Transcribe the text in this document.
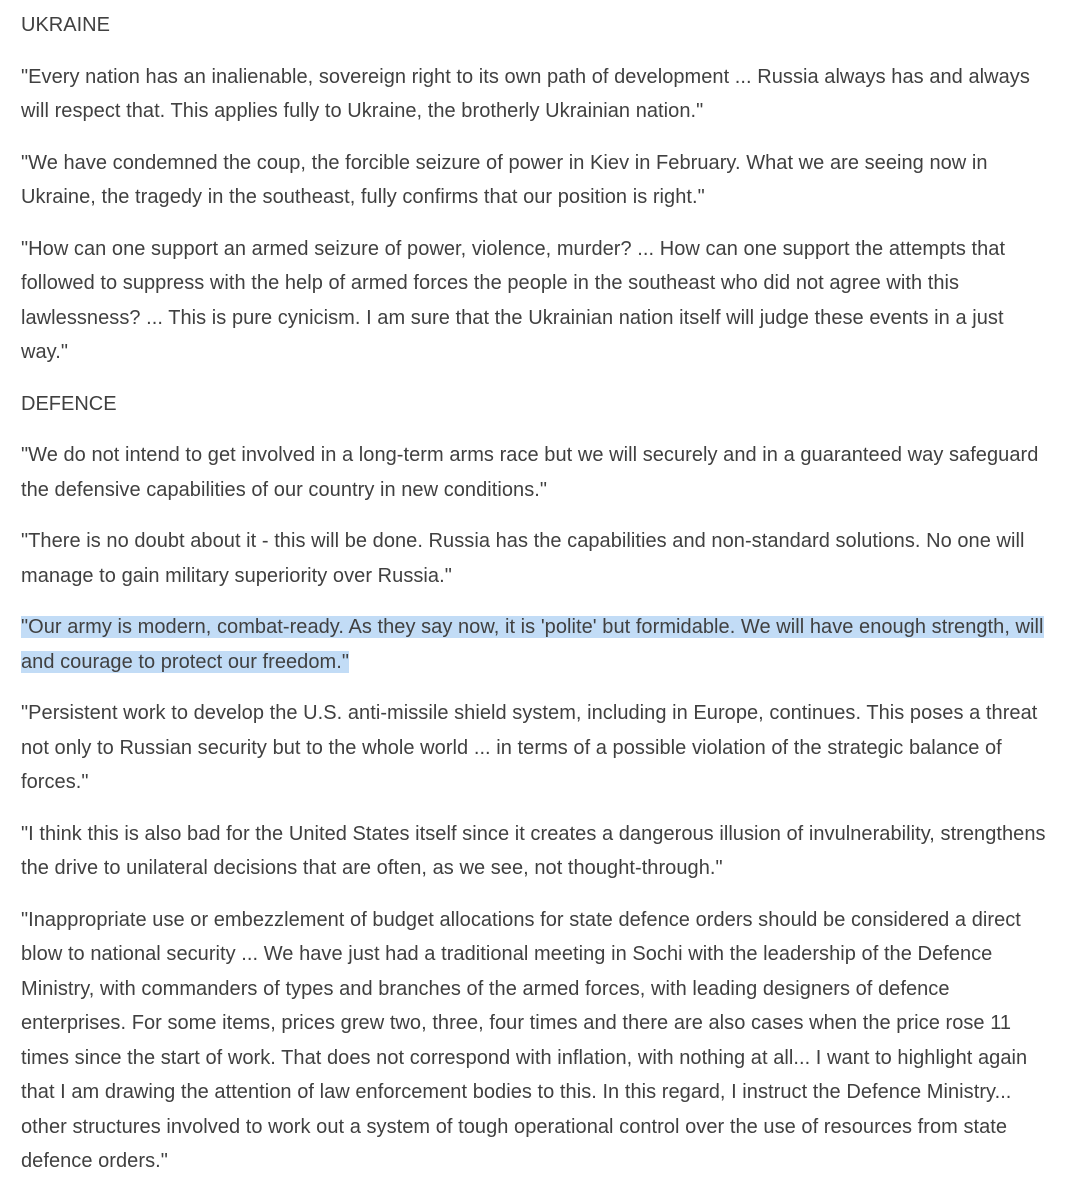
UKRAINE

"Every nation has an inalienable, sovereign right to its own path of development ... Russia always has and always will respect that. This applies fully to Ukraine, the brotherly Ukrainian nation."

"We have condemned the coup, the forcible seizure of power in Kiev in February. What we are seeing now in Ukraine, the tragedy in the southeast, fully confirms that our position is right."

"How can one support an armed seizure of power, violence, murder? ... How can one support the attempts that followed to suppress with the help of armed forces the people in the southeast who did not agree with this lawlessness? ... This is pure cynicism. I am sure that the Ukrainian nation itself will judge these events in a just way."

DEFENCE

"We do not intend to get involved in a long-term arms race but we will securely and in a guaranteed way safeguard the defensive capabilities of our country in new conditions."

"There is no doubt about it - this will be done. Russia has the capabilities and non-standard solutions. No one will manage to gain military superiority over Russia."

"Our army is modern, combat-ready. As they say now, it is 'polite' but formidable. We will have enough strength, will and courage to protect our freedom."

"Persistent work to develop the U.S. anti-missile shield system, including in Europe, continues. This poses a threat not only to Russian security but to the whole world ... in terms of a possible violation of the strategic balance of forces."

"I think this is also bad for the United States itself since it creates a dangerous illusion of invulnerability, strengthens the drive to unilateral decisions that are often, as we see, not thought-through."

"Inappropriate use or embezzlement of budget allocations for state defence orders should be considered a direct blow to national security ... We have just had a traditional meeting in Sochi with the leadership of the Defence Ministry, with commanders of types and branches of the armed forces, with leading designers of defence enterprises. For some items, prices grew two, three, four times and there are also cases when the price rose 11 times since the start of work. That does not correspond with inflation, with nothing at all... I want to highlight again that I am drawing the attention of law enforcement bodies to this. In this regard, I instruct the Defence Ministry... other structures involved to work out a system of tough operational control over the use of resources from state defence orders."
